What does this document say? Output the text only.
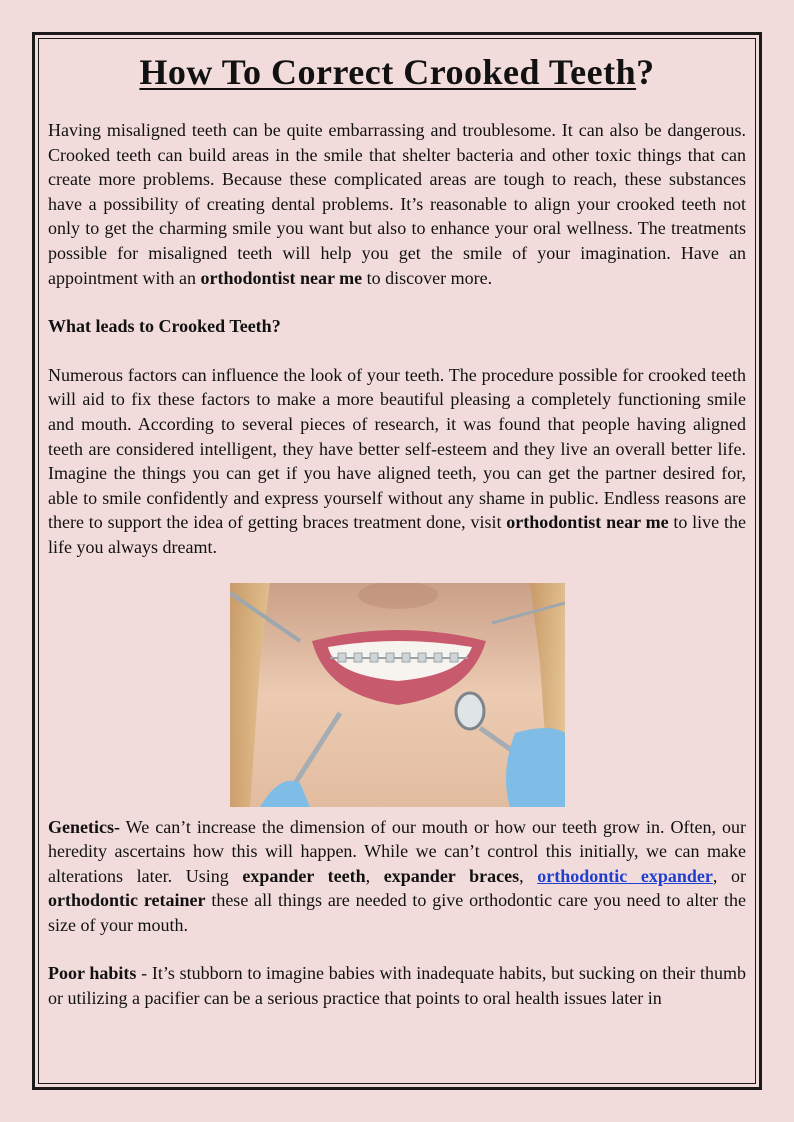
How To Correct Crooked Teeth?

Having misaligned teeth can be quite embarrassing and troublesome. It can also be dangerous. Crooked teeth can build areas in the smile that shelter bacteria and other toxic things that can create more problems. Because these complicated areas are tough to reach, these substances have a possibility of creating dental problems. It’s reasonable to align your crooked teeth not only to get the charming smile you want but also to enhance your oral wellness. The treatments possible for misaligned teeth will help you get the smile of your imagination. Have an appointment with an orthodontist near me to discover more.

What leads to Crooked Teeth?

Numerous factors can influence the look of your teeth. The procedure possible for crooked teeth will aid to fix these factors to make a more beautiful pleasing a completely functioning smile and mouth. According to several pieces of research, it was found that people having aligned teeth are considered intelligent, they have better self-esteem and they live an overall better life. Imagine the things you can get if you have aligned teeth, you can get the partner desired for, able to smile confidently and express yourself without any shame in public. Endless reasons are there to support the idea of getting braces treatment done, visit orthodontist near me to live the life you always dreamt.

Genetics- We can’t increase the dimension of our mouth or how our teeth grow in. Often, our heredity ascertains how this will happen. While we can’t control this initially, we can make alterations later. Using expander teeth, expander braces, orthodontic expander, or orthodontic retainer these all things are needed to give orthodontic care you need to alter the size of your mouth.

Poor habits - It’s stubborn to imagine babies with inadequate habits, but sucking on their thumb or utilizing a pacifier can be a serious practice that points to oral health issues later in
